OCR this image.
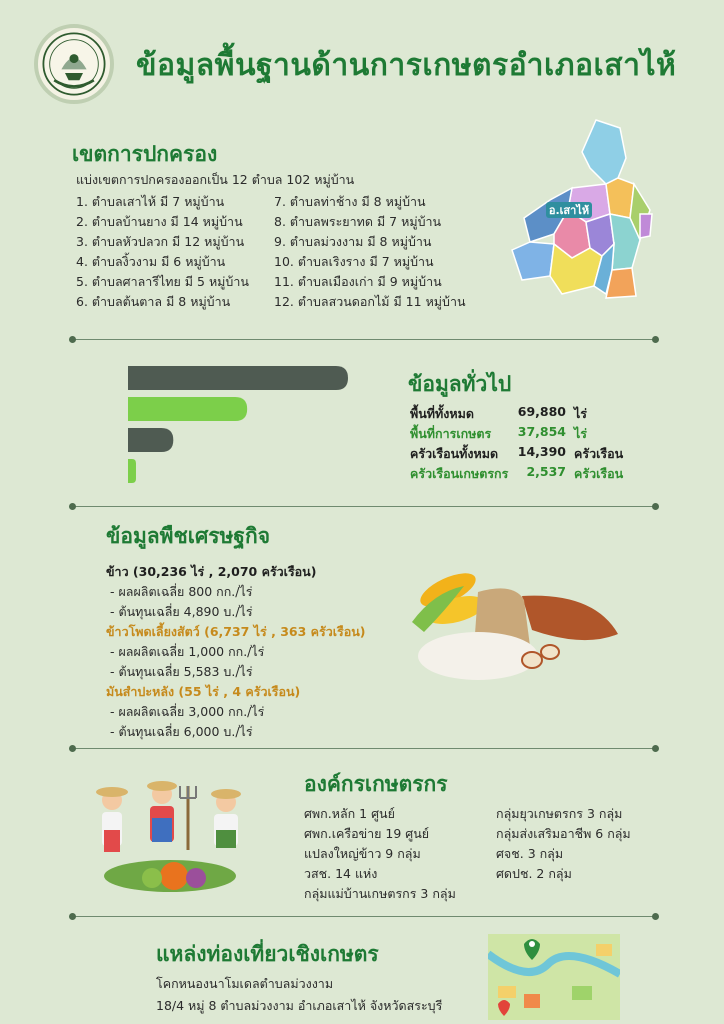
ข้อมูลพื้นฐานด้านการเกษตรอำเภอเสาไห้
เขตการปกครอง
แบ่งเขตการปกครองออกเป็น 12 ตำบล 102 หมู่บ้าน
1. ตำบลเสาไห้ มี 7 หมู่บ้าน
2. ตำบลบ้านยาง มี 14 หมู่บ้าน
3. ตำบลหัวปลวก มี 12 หมู่บ้าน
4. ตำบลงิ้วงาม มี 6 หมู่บ้าน
5. ตำบลศาลารีไทย มี 5 หมู่บ้าน
6. ตำบลต้นตาล มี 8 หมู่บ้าน
7. ตำบลท่าช้าง มี 8 หมู่บ้าน
8. ตำบลพระยาทด มี 7 หมู่บ้าน
9. ตำบลม่วงงาม มี 8 หมู่บ้าน
10. ตำบลเริงราง มี 7 หมู่บ้าน
11. ตำบลเมืองเก่า มี 9 หมู่บ้าน
12. ตำบลสวนดอกไม้ มี 11 หมู่บ้าน
อ.เสาไห้
ข้อมูลทั่วไป
พื้นที่ทั้งหมด	69,880 ไร่
พื้นที่การเกษตร	37,854 ไร่
ครัวเรือนทั้งหมด	14,390 ครัวเรือน
ครัวเรือนเกษตรกร	2,537 ครัวเรือน
ข้อมูลพืชเศรษฐกิจ
ข้าว (30,236 ไร่ , 2,070 ครัวเรือน)
- ผลผลิตเฉลี่ย 800 กก./ไร่
- ต้นทุนเฉลี่ย 4,890 บ./ไร่
ข้าวโพดเลี้ยงสัตว์ (6,737 ไร่ , 363 ครัวเรือน)
- ผลผลิตเฉลี่ย 1,000 กก./ไร่
- ต้นทุนเฉลี่ย 5,583 บ./ไร่
มันสำปะหลัง (55 ไร่ , 4 ครัวเรือน)
- ผลผลิตเฉลี่ย 3,000 กก./ไร่
- ต้นทุนเฉลี่ย 6,000 บ./ไร่
องค์กรเกษตรกร
ศพก.หลัก 1 ศูนย์
ศพก.เครือข่าย 19 ศูนย์
แปลงใหญ่ข้าว 9 กลุ่ม
วสช. 14 แห่ง
กลุ่มแม่บ้านเกษตรกร 3 กลุ่ม
กลุ่มยุวเกษตรกร 3 กลุ่ม
กลุ่มส่งเสริมอาชีพ 6 กลุ่ม
ศจช. 3 กลุ่ม
ศดปช. 2 กลุ่ม
แหล่งท่องเที่ยวเชิงเกษตร
โคกหนองนาโมเดลตำบลม่วงงาม
18/4 หมู่ 8 ตำบลม่วงงาม อำเภอเสาไห้ จังหวัดสระบุรี
